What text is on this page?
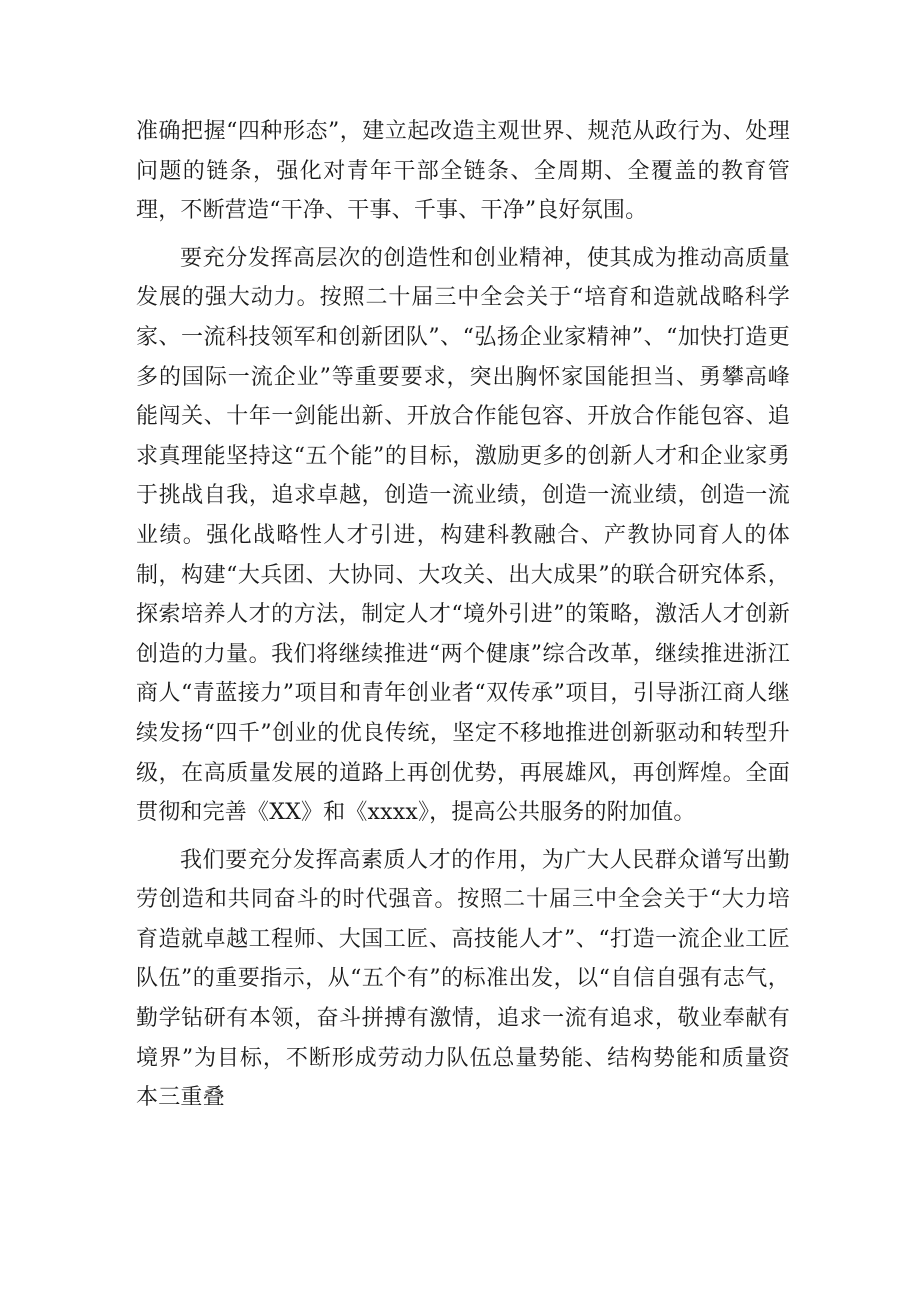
准确把握“四种形态”，建立起改造主观世界、规范从政行为、处理问题的链条，强化对青年干部全链条、全周期、全覆盖的教育管理，不断营造“干净、干事、千事、干净”良好氛围。

要充分发挥高层次的创造性和创业精神，使其成为推动高质量发展的强大动力。按照二十届三中全会关于“培育和造就战略科学家、一流科技领军和创新团队”、“弘扬企业家精神”、“加快打造更多的国际一流企业”等重要要求，突出胸怀家国能担当、勇攀高峰能闯关、十年一剑能出新、开放合作能包容、开放合作能包容、追求真理能坚持这“五个能”的目标，激励更多的创新人才和企业家勇于挑战自我，追求卓越，创造一流业绩，创造一流业绩，创造一流业绩。强化战略性人才引进，构建科教融合、产教协同育人的体制，构建“大兵团、大协同、大攻关、出大成果”的联合研究体系，探索培养人才的方法，制定人才“境外引进”的策略，激活人才创新创造的力量。我们将继续推进“两个健康”综合改革，继续推进浙江商人“青蓝接力”项目和青年创业者“双传承”项目，引导浙江商人继续发扬“四千”创业的优良传统，坚定不移地推进创新驱动和转型升级，在高质量发展的道路上再创优势，再展雄风，再创辉煌。全面贯彻和完善《XX》和《xxxx》，提高公共服务的附加值。

我们要充分发挥高素质人才的作用，为广大人民群众谱写出勤劳创造和共同奋斗的时代强音。按照二十届三中全会关于“大力培育造就卓越工程师、大国工匠、高技能人才”、“打造一流企业工匠队伍”的重要指示，从“五个有”的标准出发，以“自信自强有志气，勤学钻研有本领，奋斗拼搏有激情，追求一流有追求，敬业奉献有境界”为目标，不断形成劳动力队伍总量势能、结构势能和质量资本三重叠
